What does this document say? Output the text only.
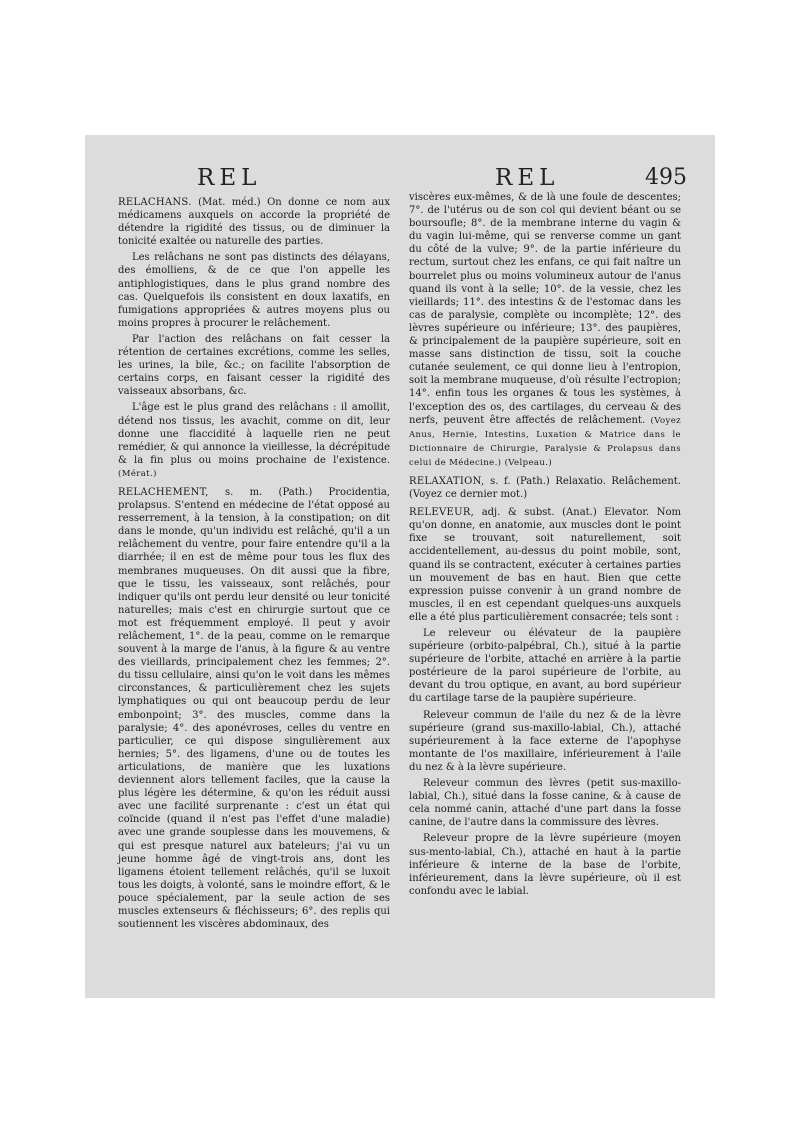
REL	REL	495

RELACHANS. (Mat. méd.) On donne ce nom aux médicamens auxquels on accorde la propriété de détendre la rigidité des tissus, ou de diminuer la tonicité exaltée ou naturelle des parties.

Les relâchans ne sont pas distincts des délayans, des émolliens, & de ce que l'on appelle les antiphlogistiques, dans le plus grand nombre des cas. Quelquefois ils consistent en doux laxatifs, en fumigations appropriées & autres moyens plus ou moins propres à procurer le relâchement.

Par l'action des relâchans on fait cesser la rétention de certaines excrétions, comme les selles, les urines, la bile, &c.; on facilite l'absorption de certains corps, en faisant cesser la rigidité des vaisseaux absorbans, &c.

L'âge est le plus grand des relâchans : il amollit, détend nos tissus, les avachit, comme on dit, leur donne une flaccidité à laquelle rien ne peut remédier, & qui annonce la vieillesse, la décrépitude & la fin plus ou moins prochaine de l'existence. (Mérat.)

RELACHEMENT, s. m. (Path.) Procidentia, prolapsus. S'entend en médecine de l'état opposé au resserrement, à la tension, à la constipation; on dit dans le monde, qu'un individu est relâché, qu'il a un relâchement du ventre, pour faire entendre qu'il a la diarrhée; il en est de même pour tous les flux des membranes muqueuses. On dit aussi que la fibre, que le tissu, les vaisseaux, sont relâchés, pour indiquer qu'ils ont perdu leur densité ou leur tonicité naturelles; mais c'est en chirurgie surtout que ce mot est fréquemment employé. Il peut y avoir relâchement, 1°. de la peau, comme on le remarque souvent à la marge de l'anus, à la figure & au ventre des vieillards, principalement chez les femmes; 2°. du tissu cellulaire, ainsi qu'on le voit dans les mêmes circonstances, & particulièrement chez les sujets lymphatiques ou qui ont beaucoup perdu de leur embonpoint; 3°. des muscles, comme dans la paralysie; 4°. des aponévroses, celles du ventre en particulier, ce qui dispose singulièrement aux hernies; 5°. des ligamens, d'une ou de toutes les articulations, de manière que les luxations deviennent alors tellement faciles, que la cause la plus légère les détermine, & qu'on les réduit aussi avec une facilité surprenante : c'est un état qui coïncide (quand il n'est pas l'effet d'une maladie) avec une grande souplesse dans les mouvemens, & qui est presque naturel aux bateleurs; j'ai vu un jeune homme âgé de vingt-trois ans, dont les ligamens étoient tellement relâchés, qu'il se luxoit tous les doigts, à volonté, sans le moindre effort, & le pouce spécialement, par la seule action de ses muscles extenseurs & fléchisseurs; 6°. des replis qui soutiennent les viscères abdominaux, des

viscères eux-mêmes, & de là une foule de descentes; 7°. de l'utérus ou de son col qui devient béant ou se boursoufle; 8°. de la membrane interne du vagin & du vagin lui-même, qui se renverse comme un gant du côté de la vulve; 9°. de la partie inférieure du rectum, surtout chez les enfans, ce qui fait naître un bourrelet plus ou moins volumineux autour de l'anus quand ils vont à la selle; 10°. de la vessie, chez les vieillards; 11°. des intestins & de l'estomac dans les cas de paralysie, complète ou incomplète; 12°. des lèvres supérieure ou inférieure; 13°. des paupières, & principalement de la paupière supérieure, soit en masse sans distinction de tissu, soit la couche cutanée seulement, ce qui donne lieu à l'entropion, soit la membrane muqueuse, d'où résulte l'ectropion; 14°. enfin tous les organes & tous les systèmes, à l'exception des os, des cartilages, du cerveau & des nerfs, peuvent être affectés de relâchement. (Voyez Anus, Hernie, Intestins, Luxation & Matrice dans le Dictionnaire de Chirurgie, Paralysie & Prolapsus dans celui de Médecine.) (Velpeau.)

RELAXATION, s. f. (Path.) Relaxatio. Relâchement. (Voyez ce dernier mot.)

RELEVEUR, adj. & subst. (Anat.) Elevator. Nom qu'on donne, en anatomie, aux muscles dont le point fixe se trouvant, soit naturellement, soit accidentellement, au-dessus du point mobile, sont, quand ils se contractent, exécuter à certaines parties un mouvement de bas en haut. Bien que cette expression puisse convenir à un grand nombre de muscles, il en est cependant quelques-uns auxquels elle a été plus particulièrement consacrée; tels sont :

Le releveur ou élévateur de la paupière supérieure (orbito-palpébral, Ch.), situé à la partie supérieure de l'orbite, attaché en arrière à la partie postérieure de la paroi supérieure de l'orbite, au devant du trou optique, en avant, au bord supérieur du cartilage tarse de la paupière supérieure.

Releveur commun de l'aile du nez & de la lèvre supérieure (grand sus-maxillo-labial, Ch.), attaché supérieurement à la face externe de l'apophyse montante de l'os maxillaire, inférieurement à l'aile du nez & à la lèvre supérieure.

Releveur commun des lèvres (petit sus-maxillo-labial, Ch.), situé dans la fosse canine, & à cause de cela nommé canin, attaché d'une part dans la fosse canine, de l'autre dans la commissure des lèvres.

Releveur propre de la lèvre supérieure (moyen sus-mento-labial, Ch.), attaché en haut à la partie inférieure & interne de la base de l'orbite, inférieurement, dans la lèvre supérieure, où il est confondu avec le labial.
